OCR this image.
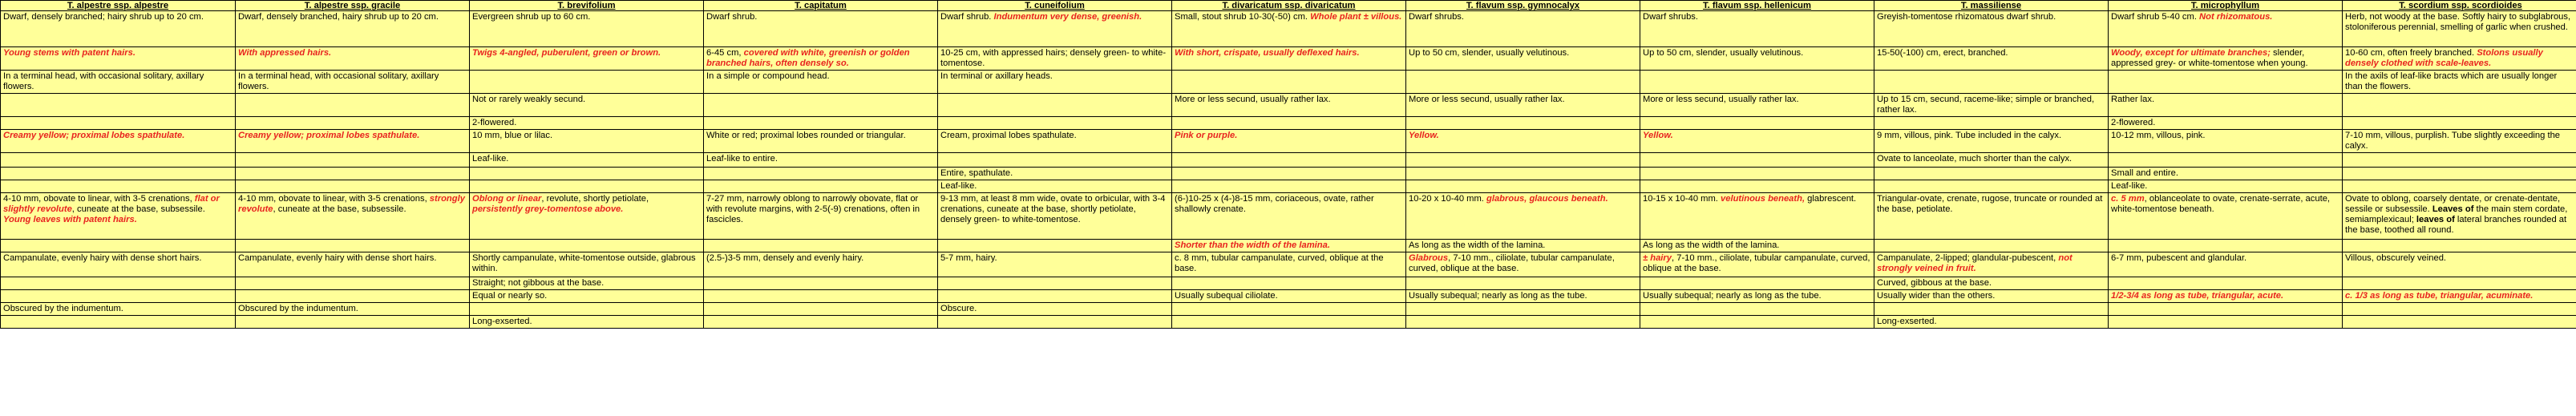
T. alpestre ssp. alpestre	T. alpestre ssp. gracile	T. brevifolium	T. capitatum	T. cuneifolium	T. divaricatum ssp. divaricatum	T. flavum ssp. gymnocalyx	T. flavum ssp. hellenicum	T. massiliense	T. microphyllum	T. scordium ssp. scordioides
Dwarf, densely branched; hairy shrub up to 20 cm.	Dwarf, densely branched, hairy shrub up to 20 cm.	Evergreen shrub up to 60 cm.	Dwarf shrub.	Dwarf shrub. Indumentum very dense, greenish.	Small, stout shrub 10-30(-50) cm. Whole plant ± villous.	Dwarf shrubs.	Dwarf shrubs.	Greyish-tomentose rhizomatous dwarf shrub.	Dwarf shrub 5-40 cm. Not rhizomatous.	Herb, not woody at the base. Softly hairy to subglabrous, stoloniferous perennial, smelling of garlic when crushed.
Young stems with patent hairs.	With appressed hairs.	Twigs 4-angled, puberulent, green or brown.	6-45 cm, covered with white, greenish or golden branched hairs, often densely so.	10-25 cm, with appressed hairs; densely green- to white-tomentose.	With short, crispate, usually deflexed hairs.	Up to 50 cm, slender, usually velutinous.	Up to 50 cm, slender, usually velutinous.	15-50(-100) cm, erect, branched.	Woody, except for ultimate branches; slender, appressed grey- or white-tomentose when young.	10-60 cm, often freely branched. Stolons usually densely clothed with scale-leaves.
In a terminal head, with occasional solitary, axillary flowers.	In a terminal head, with occasional solitary, axillary flowers.		In a simple or compound head.	In terminal or axillary heads.						In the axils of leaf-like bracts which are usually longer than the flowers.
		Not or rarely weakly secund.			More or less secund, usually rather lax.	More or less secund, usually rather lax.	More or less secund, usually rather lax.	Up to 15 cm, secund, raceme-like; simple or branched, rather lax.	Rather lax.	
		2-flowered.							2-flowered.	
Creamy yellow; proximal lobes spathulate.	Creamy yellow; proximal lobes spathulate.	10 mm, blue or lilac.	White or red; proximal lobes rounded or triangular.	Cream, proximal lobes spathulate.	Pink or purple.	Yellow.	Yellow.	9 mm, villous, pink. Tube included in the calyx.	10-12 mm, villous, pink.	7-10 mm, villous, purplish. Tube slightly exceeding the calyx.
		Leaf-like.	Leaf-like to entire.					Ovate to lanceolate, much shorter than the calyx.		
				Entire, spathulate.					Small and entire.	
				Leaf-like.					Leaf-like.	
4-10 mm, obovate to linear, with 3-5 crenations, flat or slightly revolute, cuneate at the base, subsessile. Young leaves with patent hairs.	4-10 mm, obovate to linear, with 3-5 crenations, strongly revolute, cuneate at the base, subsessile.	Oblong or linear, revolute, shortly petiolate, persistently grey-tomentose above.	7-27 mm, narrowly oblong to narrowly obovate, flat or with revolute margins, with 2-5(-9) crenations, often in fascicles.	9-13 mm, at least 8 mm wide, ovate to orbicular, with 3-4 crenations, cuneate at the base, shortly petiolate, densely green- to white-tomentose.	(6-)10-25 x (4-)8-15 mm, coriaceous, ovate, rather shallowly crenate.	10-20 x 10-40 mm. glabrous, glaucous beneath.	10-15 x 10-40 mm. velutinous beneath, glabrescent.	Triangular-ovate, crenate, rugose, truncate or rounded at the base, petiolate.	c. 5 mm, oblanceolate to ovate, crenate-serrate, acute, white-tomentose beneath.	Ovate to oblong, coarsely dentate, or crenate-dentate, sessile or subsessile. Leaves of the main stem cordate, semiamplexicaul; leaves of lateral branches rounded at the base, toothed all round.
					Shorter than the width of the lamina.	As long as the width of the lamina.	As long as the width of the lamina.			
Campanulate, evenly hairy with dense short hairs.	Campanulate, evenly hairy with dense short hairs.	Shortly campanulate, white-tomentose outside, glabrous within.	(2.5-)3-5 mm, densely and evenly hairy.	5-7 mm, hairy.	c. 8 mm, tubular campanulate, curved, oblique at the base.	Glabrous, 7-10 mm., ciliolate, tubular campanulate, curved, oblique at the base.	± hairy, 7-10 mm., ciliolate, tubular campanulate, curved, oblique at the base.	Campanulate, 2-lipped; glandular-pubescent, not strongly veined in fruit.	6-7 mm, pubescent and glandular.	Villous, obscurely veined.
		Straight; not gibbous at the base.						Curved, gibbous at the base.		
		Equal or nearly so.			Usually subequal ciliolate.	Usually subequal; nearly as long as the tube.	Usually subequal; nearly as long as the tube.	Usually wider than the others.	1/2-3/4 as long as tube, triangular, acute.	c. 1/3 as long as tube, triangular, acuminate.
Obscured by the indumentum.	Obscured by the indumentum.			Obscure.						
		Long-exserted.						Long-exserted.		
